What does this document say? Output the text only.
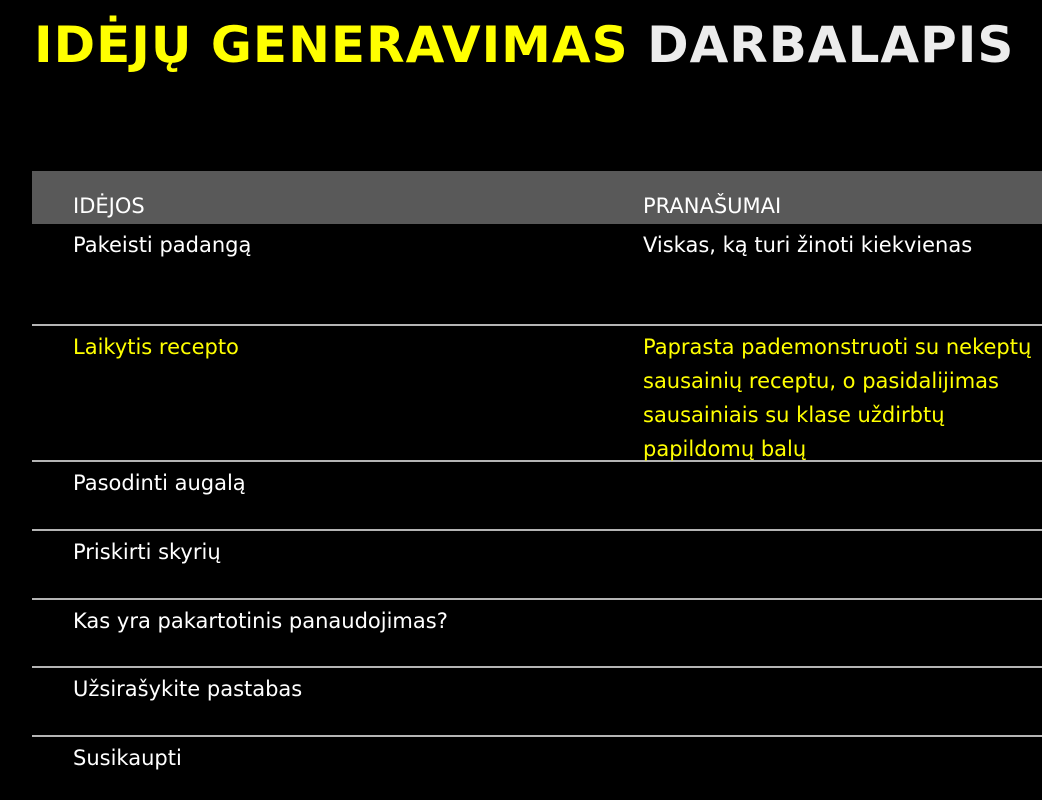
IDĖJŲ GENERAVIMAS DARBALAPIS
IDĖJOS	PRANAŠUMAI
Pakeisti padangą	Viskas, ką turi žinoti kiekvienas
Laikytis recepto	Paprasta pademonstruoti su nekeptų sausainių receptu, o pasidalijimas sausainiais su klase uždirbtų papildomų balų
Pasodinti augalą
Priskirti skyrių
Kas yra pakartotinis panaudojimas?
Užsirašykite pastabas
Susikaupti
